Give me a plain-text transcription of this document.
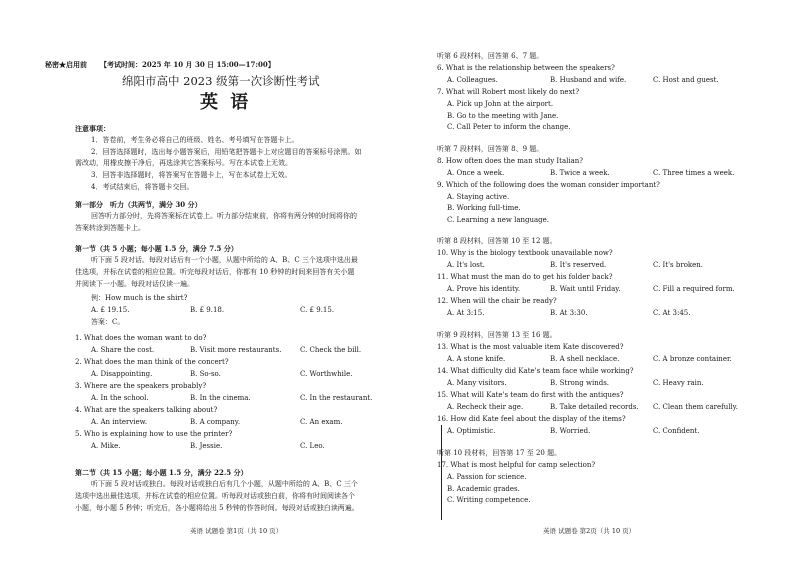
秘密★启用前 【考试时间：2025 年 10 月 30 日 15:00—17:00】
绵阳市高中 2023 级第一次诊断性考试
英 语
注意事项：
1．答卷前，考生务必将自己的班级、姓名、考号填写在答题卡上。
2．回答选择题时，选出每小题答案后，用铅笔把答题卡上对应题目的答案标号涂黑。如
需改动，用橡皮擦干净后，再选涂其它答案标号。写在本试卷上无效。
3．回答非选择题时，将答案写在答题卡上，写在本试卷上无效。
4．考试结束后，将答题卡交回。
第一部分　听力（共两节，满分 30 分）
回答听力部分时，先将答案标在试卷上。听力部分结束前，你将有两分钟的时间将你的
答案转涂到答题卡上。
第一节（共 5 小题；每小题 1.5 分，满分 7.5 分）
听下面 5 段对话。每段对话后有一个小题，从题中所给的 A、B、C 三个选项中选出最
佳选项，并标在试卷的相应位置。听完每段对话后，你都有 10 秒钟的时间来回答有关小题
并阅读下一小题。每段对话仅读一遍。
例：How much is the shirt?
A. £ 19.15.	B. £ 9.18.	C. £ 9.15.
答案：C。
1. What does the woman want to do?
A. Share the cost.	B. Visit more restaurants.	C. Check the bill.
2. What does the man think of the concert?
A. Disappointing.	B. So-so.	C. Worthwhile.
3. Where are the speakers probably?
A. In the school.	B. In the cinema.	C. In the restaurant.
4. What are the speakers talking about?
A. An interview.	B. A company.	C. An exam.
5. Who is explaining how to use the printer?
A. Mike.	B. Jessie.	C. Leo.
第二节（共 15 小题；每小题 1.5 分，满分 22.5 分）
听下面 5 段对话或独白。每段对话或独白后有几个小题，从题中所给的 A、B、C 三个
选项中选出最佳选项，并标在试卷的相应位置。听每段对话或独白前，你将有时间阅读各个
小题，每小题 5 秒钟；听完后，各小题将给出 5 秒钟的作答时间。每段对话或独白读两遍。
英语 试题卷 第1页（共 10 页）
听第 6 段材料，回答第 6、7 题。
6. What is the relationship between the speakers?
A. Colleagues.	B. Husband and wife.	C. Host and guest.
7. What will Robert most likely do next?
A. Pick up John at the airport.
B. Go to the meeting with Jane.
C. Call Peter to inform the change.
听第 7 段材料，回答第 8、9 题。
8. How often does the man study Italian?
A. Once a week.	B. Twice a week.	C. Three times a week.
9. Which of the following does the woman consider important?
A. Staying active.
B. Working full-time.
C. Learning a new language.
听第 8 段材料，回答第 10 至 12 题。
10. Why is the biology textbook unavailable now?
A. It's lost.	B. It's reserved.	C. It's broken.
11. What must the man do to get his folder back?
A. Prove his identity.	B. Wait until Friday.	C. Fill a required form.
12. When will the chair be ready?
A. At 3:15.	B. At 3:30.	C. At 3:45.
听第 9 段材料，回答第 13 至 16 题。
13. What is the most valuable item Kate discovered?
A. A stone knife.	B. A shell necklace.	C. A bronze container.
14. What difficulty did Kate's team face while working?
A. Many visitors.	B. Strong winds.	C. Heavy rain.
15. What will Kate's team do first with the antiques?
A. Recheck their age.	B. Take detailed records. C. Clean them carefully.
16. How did Kate feel about the display of the items?
A. Optimistic.	B. Worried.	C. Confident.
听第 10 段材料，回答第 17 至 20 题。
17. What is most helpful for camp selection?
A. Passion for science.
B. Academic grades.
C. Writing competence.
英语 试题卷 第2页（共 10 页）
